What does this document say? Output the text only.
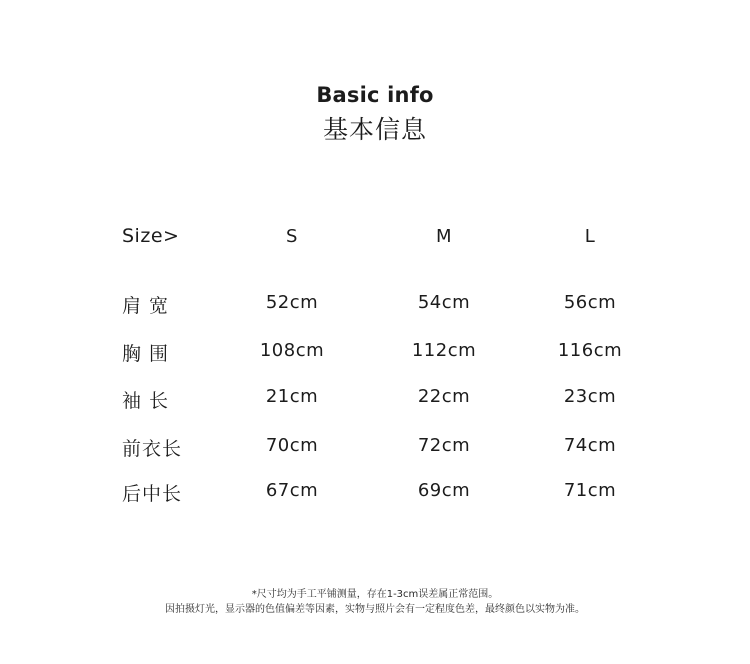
Basic info
基本信息
Size>	S	M	L
肩 宽	52cm	54cm	56cm
胸 围	108cm	112cm	116cm
袖 长	21cm	22cm	23cm
前衣长	70cm	72cm	74cm
后中长	67cm	69cm	71cm
*尺寸均为手工平铺测量，存在1-3cm误差属正常范围。
因拍摄灯光，显示器的色值偏差等因素，实物与照片会有一定程度色差，最终颜色以实物为准。
